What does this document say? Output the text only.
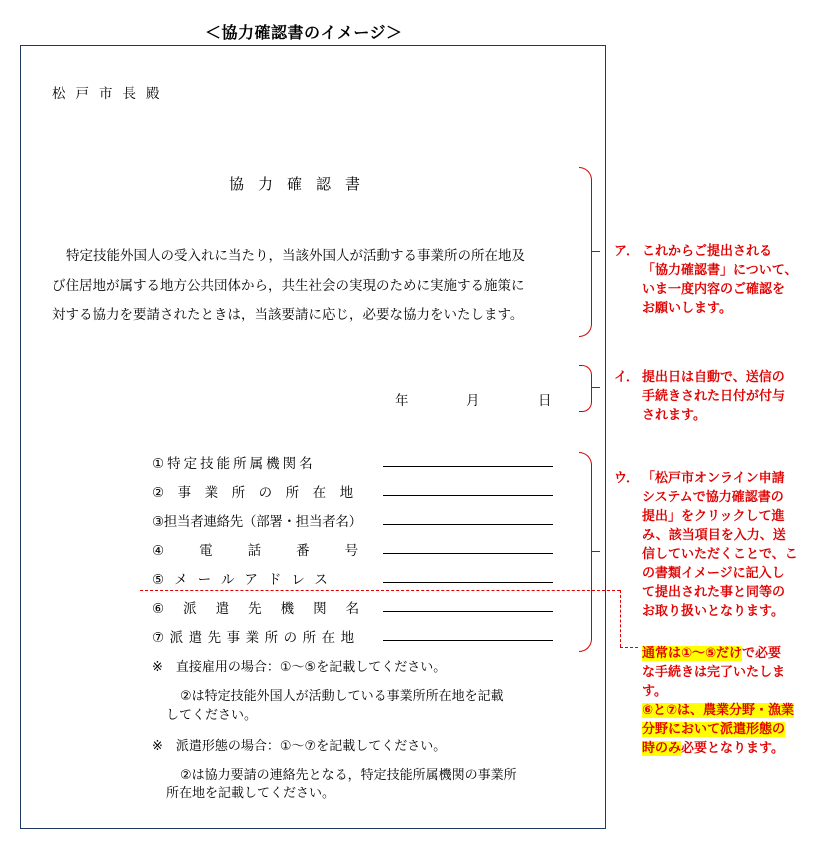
＜協力確認書のイメージ＞
松戸市長殿
協力確認書
特定技能外国人の受入れに当たり，当該外国人が活動する事業所の所在地及
び住居地が属する地方公共団体から，共生社会の実現のために実施する施策に
対する協力を要請されたときは，当該要請に応じ，必要な協力をいたします。
年	月	日
①特定技能所属機関名
②事業所の所在地
③担当者連絡先（部署・担当者名）
④電話番号
⑤メールアドレス
⑥派遣先機関名
⑦派遣先事業所の所在地
※　直接雇用の場合：①～⑤を記載してください。
②は特定技能外国人が活動している事業所所在地を記載
してください。
※　派遣形態の場合：①～⑦を記載してください。
②は協力要請の連絡先となる，特定技能所属機関の事業所
所在地を記載してください。
ア． これからご提出される
「協力確認書」について、
いま一度内容のご確認を
お願いします。
イ． 提出日は自動で、送信の
手続きされた日付が付与
されます。
ウ． 「松戸市オンライン申請
システムで協力確認書の
提出」をクリックして進
み、該当項目を入力、送
信していただくことで、こ
の書類イメージに記入し
て提出された事と同等の
お取り扱いとなります。
通常は①～⑤だけで必要
な手続きは完了いたしま
す。
⑥と⑦は、農業分野・漁業
分野において派遣形態の
時のみ必要となります。
